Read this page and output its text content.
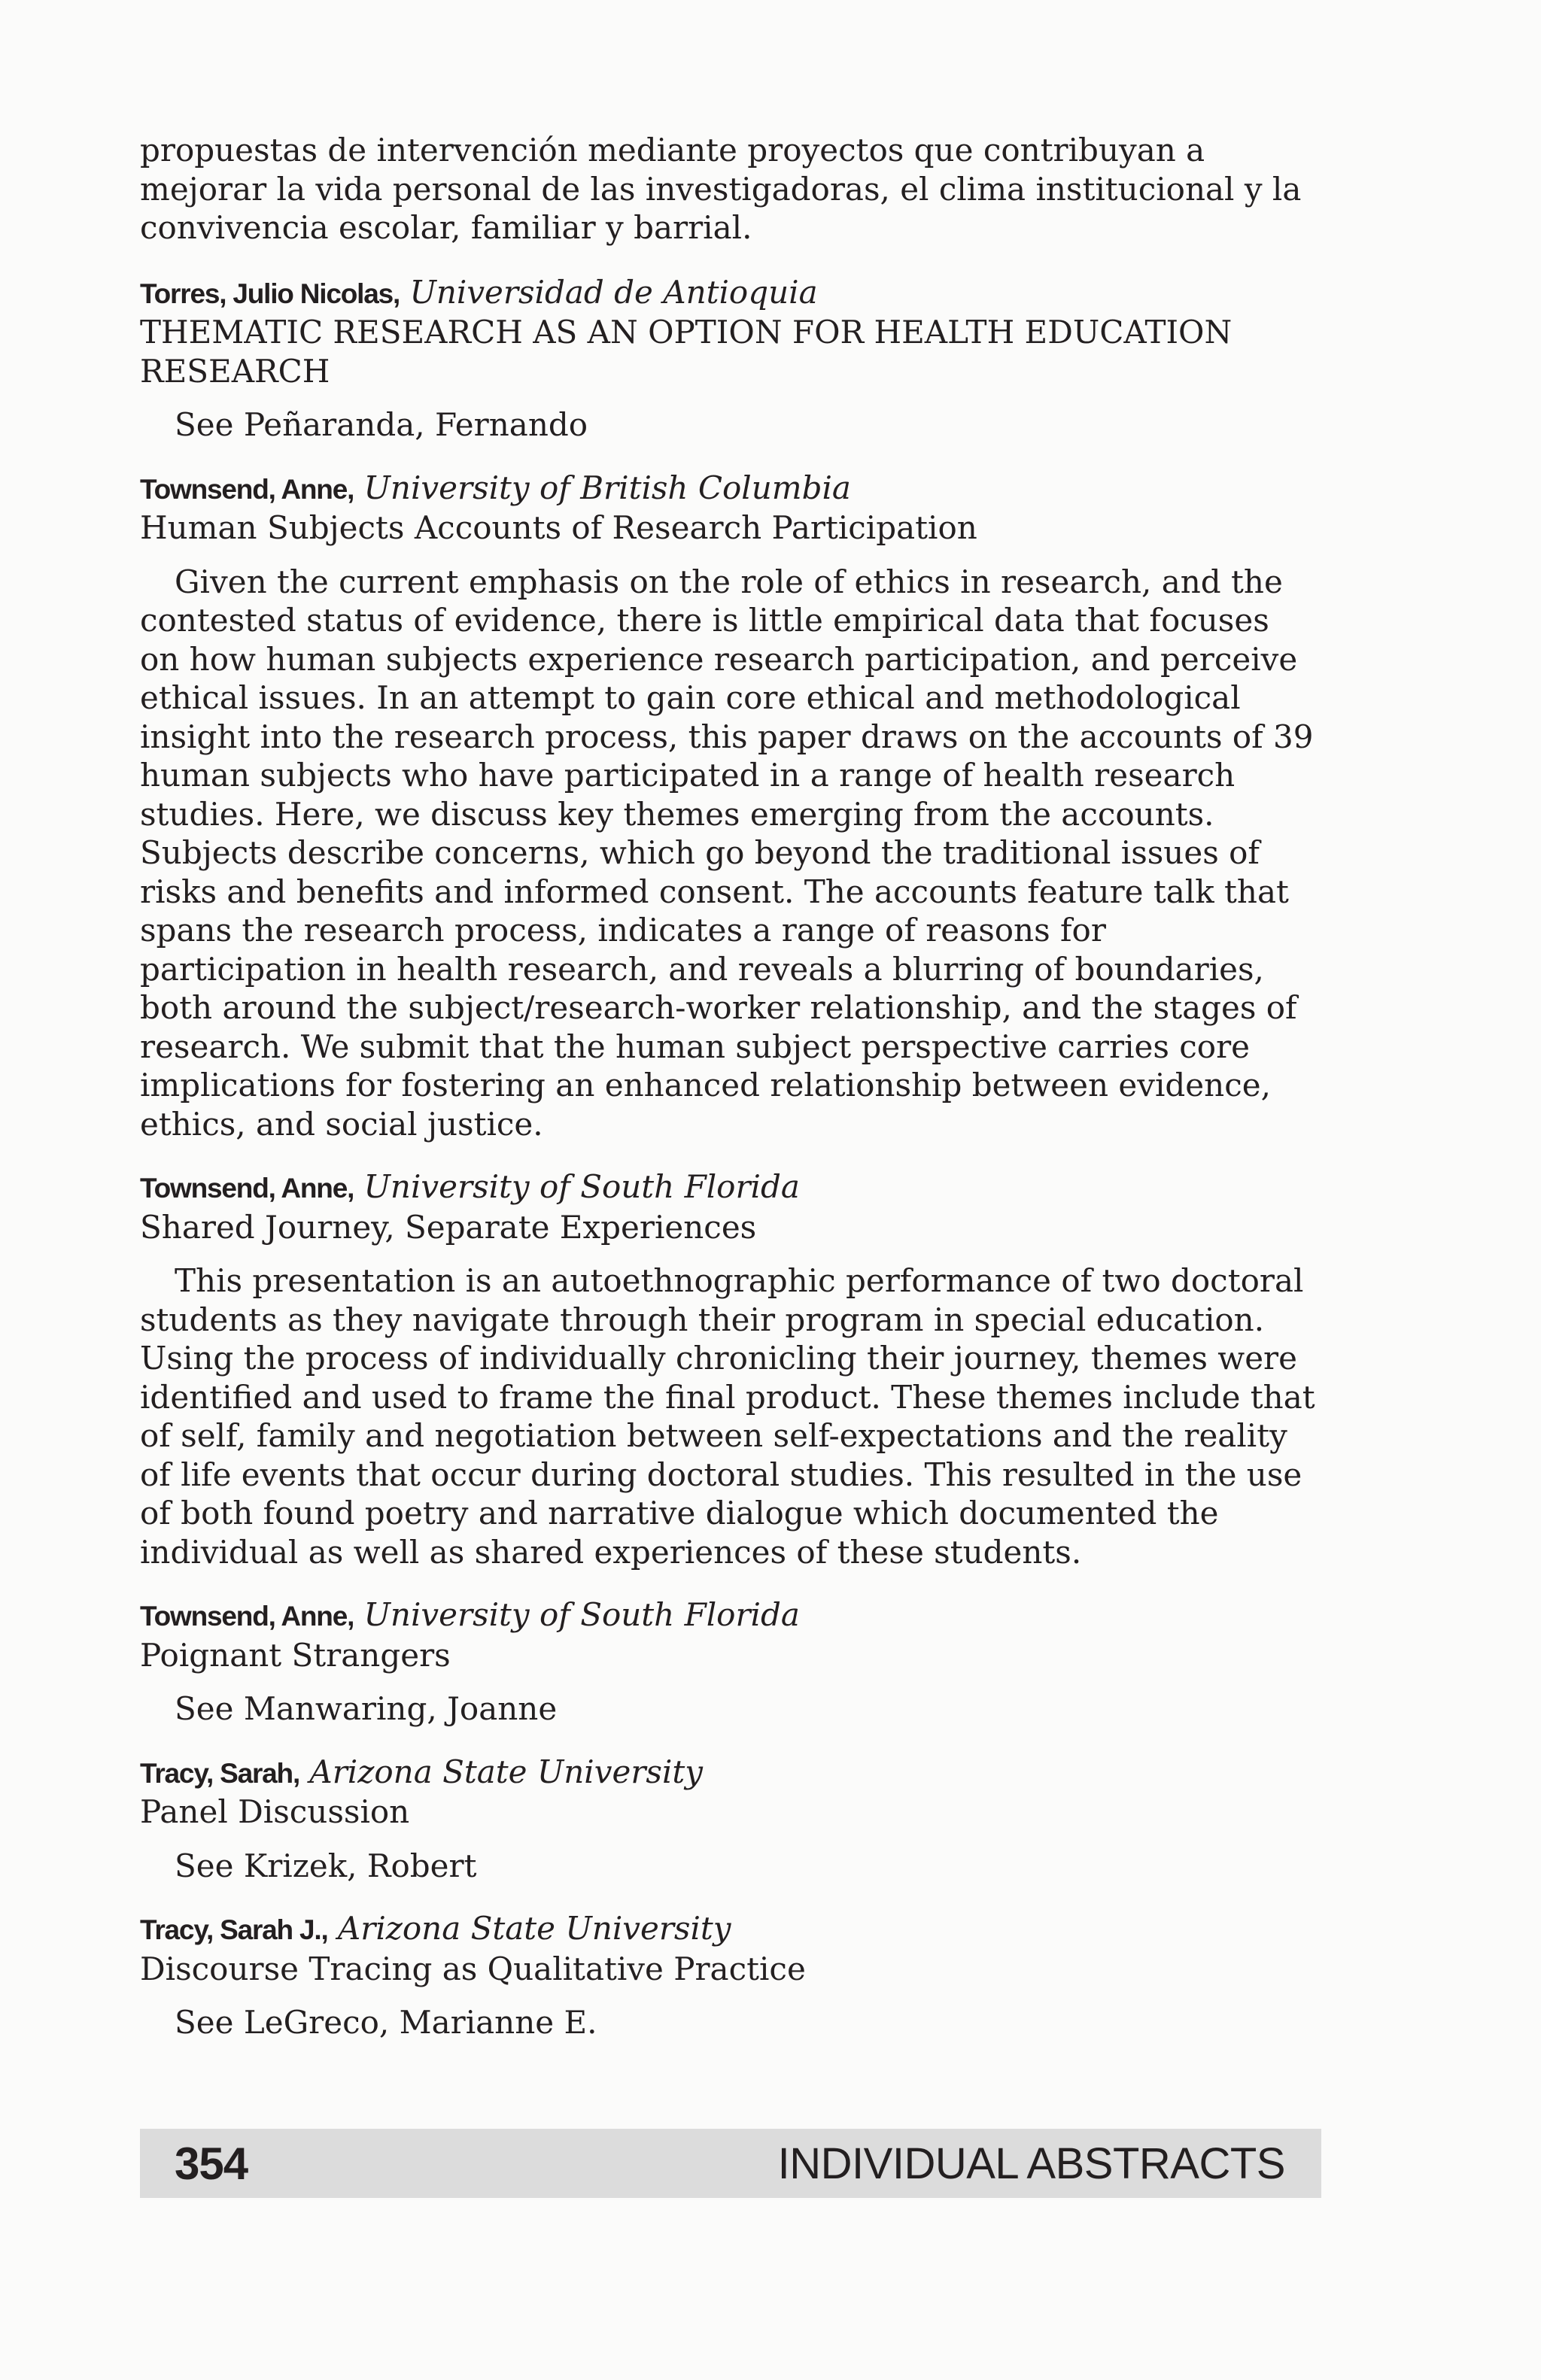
propuestas de intervención mediante proyectos que contribuyan a mejorar la vida personal de las investigadoras, el clima institucional y la convivencia escolar, familiar y barrial.

Torres, Julio Nicolas, Universidad de Antioquia

THEMATIC RESEARCH AS AN OPTION FOR HEALTH EDUCATION RESEARCH

See Peñaranda, Fernando

Townsend, Anne, University of British Columbia

Human Subjects Accounts of Research Participation

Given the current emphasis on the role of ethics in research, and the contested status of evidence, there is little empirical data that focuses on how human subjects experience research participation, and perceive ethical issues. In an attempt to gain core ethical and methodological insight into the research process, this paper draws on the accounts of 39 human subjects who have participated in a range of health research studies. Here, we discuss key themes emerging from the accounts. Subjects describe concerns, which go beyond the traditional issues of risks and benefits and informed consent. The accounts feature talk that spans the research process, indicates a range of reasons for participation in health research, and reveals a blurring of boundaries, both around the subject/research-worker relationship, and the stages of research. We submit that the human subject perspective carries core implications for fostering an enhanced relationship between evidence, ethics, and social justice.

Townsend, Anne, University of South Florida

Shared Journey, Separate Experiences

This presentation is an autoethnographic performance of two doctoral students as they navigate through their program in special education. Using the process of individually chronicling their journey, themes were identified and used to frame the final product. These themes include that of self, family and negotiation between self-expectations and the reality of life events that occur during doctoral studies. This resulted in the use of both found poetry and narrative dialogue which documented the individual as well as shared experiences of these students.

Townsend, Anne, University of South Florida

Poignant Strangers

See Manwaring, Joanne

Tracy, Sarah, Arizona State University

Panel Discussion

See Krizek, Robert

Tracy, Sarah J., Arizona State University

Discourse Tracing as Qualitative Practice

See LeGreco, Marianne E.

354	INDIVIDUAL ABSTRACTS
